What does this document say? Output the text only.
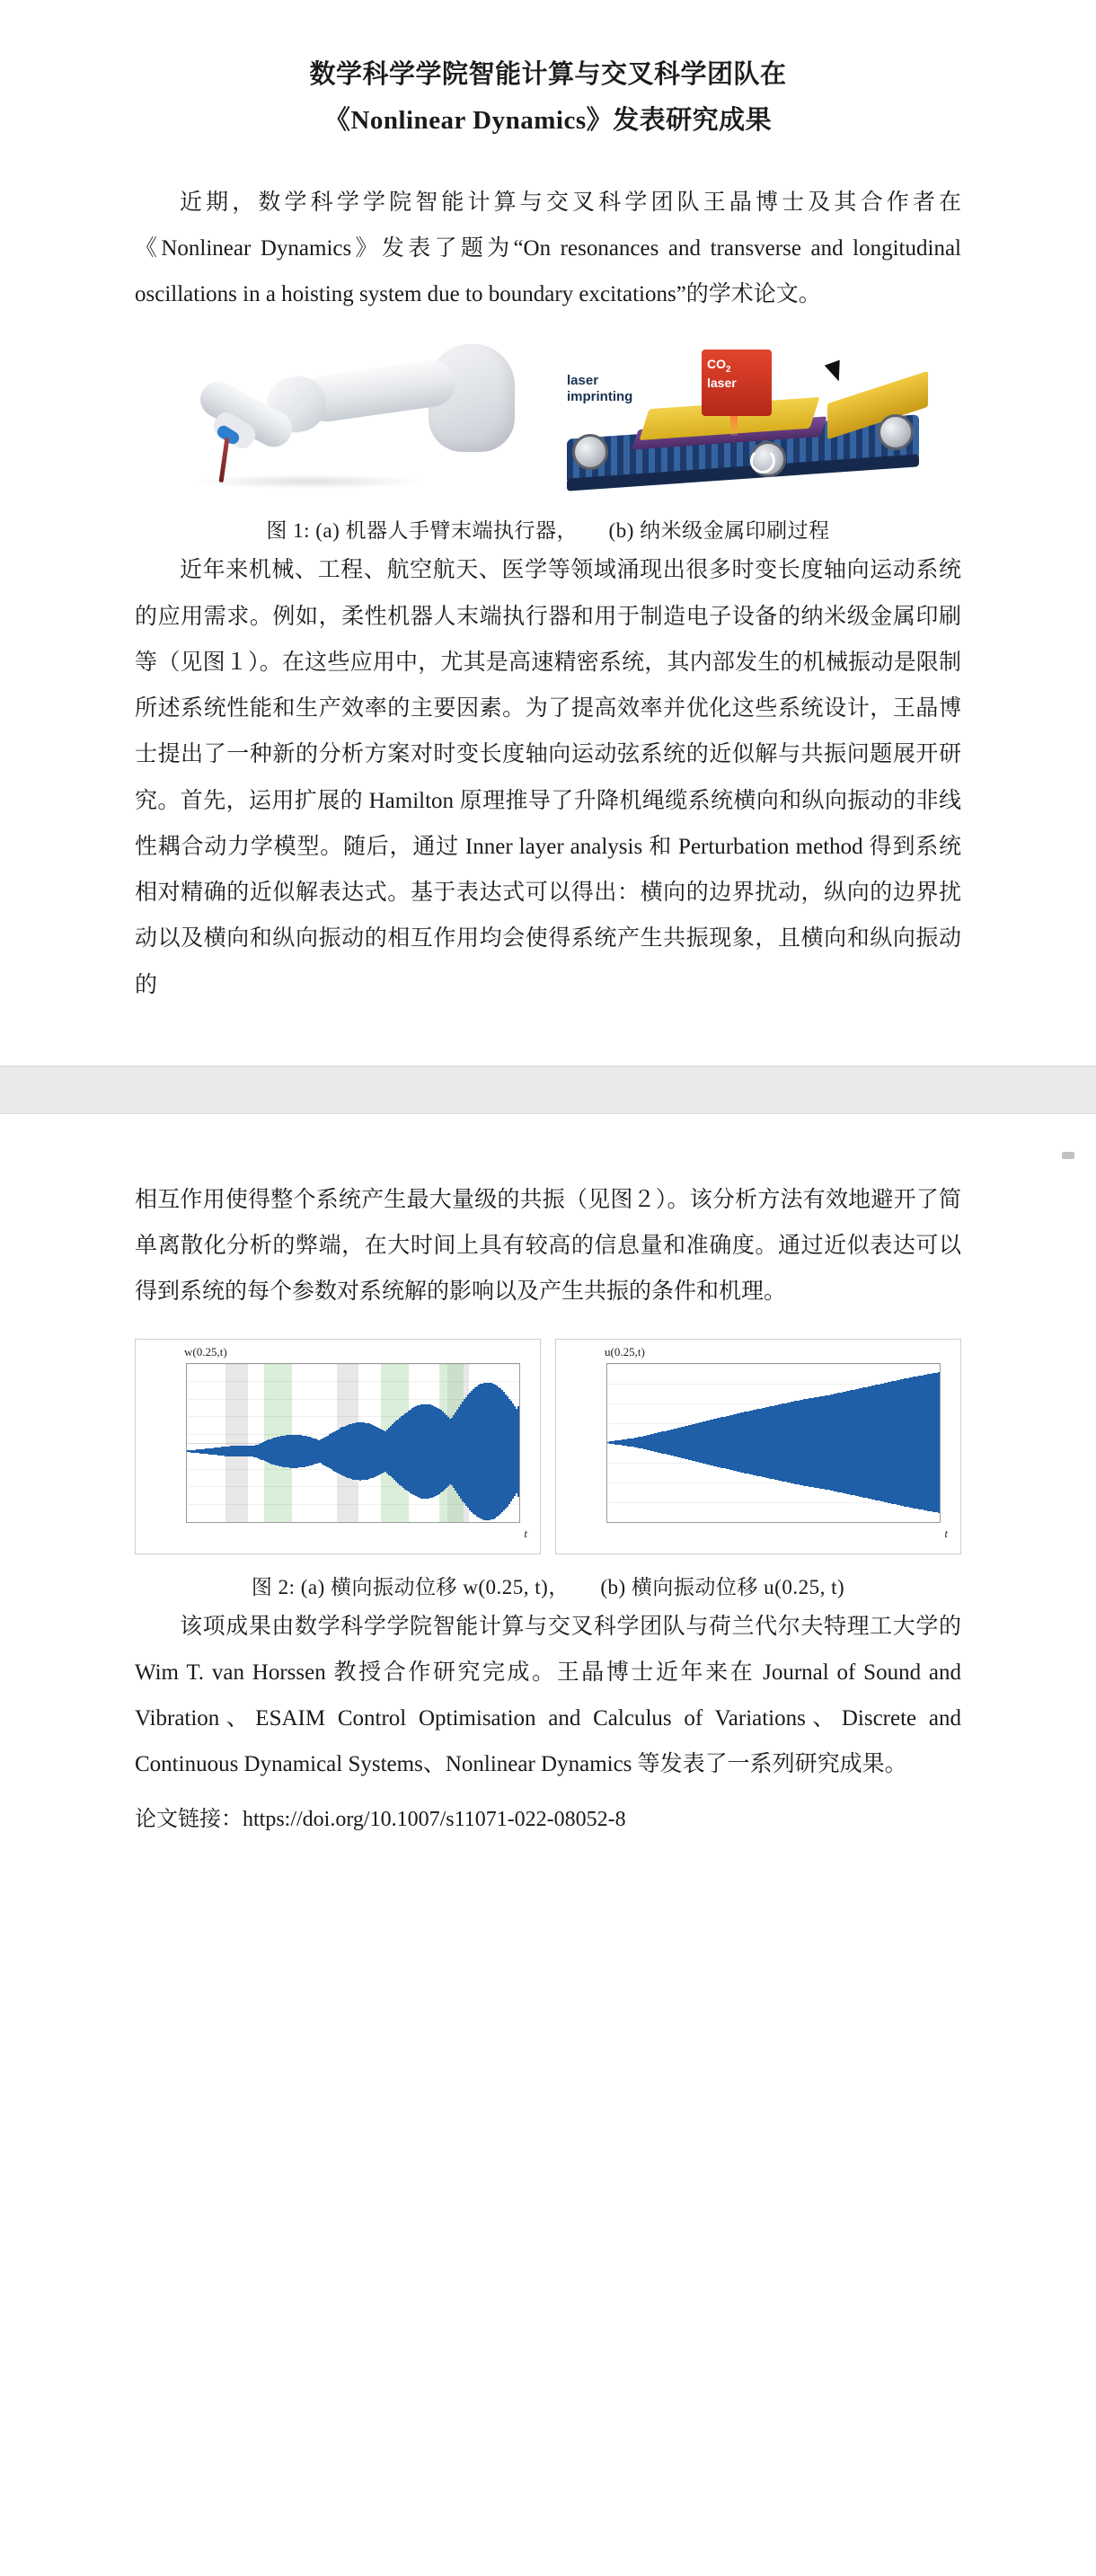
数学科学学院智能计算与交叉科学团队在
《Nonlinear Dynamics》发表研究成果

近期，数学科学学院智能计算与交叉科学团队王晶博士及其合作者在《Nonlinear Dynamics》发表了题为“On resonances and transverse and longitudinal oscillations in a hoisting system due to boundary excitations”的学术论文。

$CO_2$
laser
laser
imprinting
图 1: (a) 机器人手臂末端执行器， (b) 纳米级金属印刷过程

近年来机械、工程、航空航天、医学等领域涌现出很多时变长度轴向运动系统的应用需求。例如，柔性机器人末端执行器和用于制造电子设备的纳米级金属印刷等（见图１）。在这些应用中，尤其是高速精密系统，其内部发生的机械振动是限制所述系统性能和生产效率的主要因素。为了提高效率并优化这些系统设计，王晶博士提出了一种新的分析方案对时变长度轴向运动弦系统的近似解与共振问题展开研究。首先，运用扩展的 Hamilton 原理推导了升降机绳缆系统横向和纵向振动的非线性耦合动力学模型。随后，通过 Inner layer analysis 和 Perturbation method 得到系统相对精确的近似解表达式。基于表达式可以得出：横向的边界扰动，纵向的边界扰动以及横向和纵向振动的相互作用均会使得系统产生共振现象，且横向和纵向振动的

相互作用使得整个系统产生最大量级的共振（见图２）。该分析方法有效地避开了简单离散化分析的弊端，在大时间上具有较高的信息量和准确度。通过近似表达可以得到系统的每个参数对系统解的影响以及产生共振的条件和机理。

w(0.25,t)
t
u(0.25,t)
t
图 2: (a) 横向振动位移 w(0.25, t)， (b) 横向振动位移 u(0.25, t)

该项成果由数学科学学院智能计算与交叉科学团队与荷兰代尔夫特理工大学的 Wim T. van Horssen 教授合作研究完成。王晶博士近年来在 Journal of Sound and Vibration、ESAIM Control Optimisation and Calculus of Variations、Discrete and Continuous Dynamical Systems、Nonlinear Dynamics 等发表了一系列研究成果。

论文链接：https://doi.org/10.1007/s11071-022-08052-8
